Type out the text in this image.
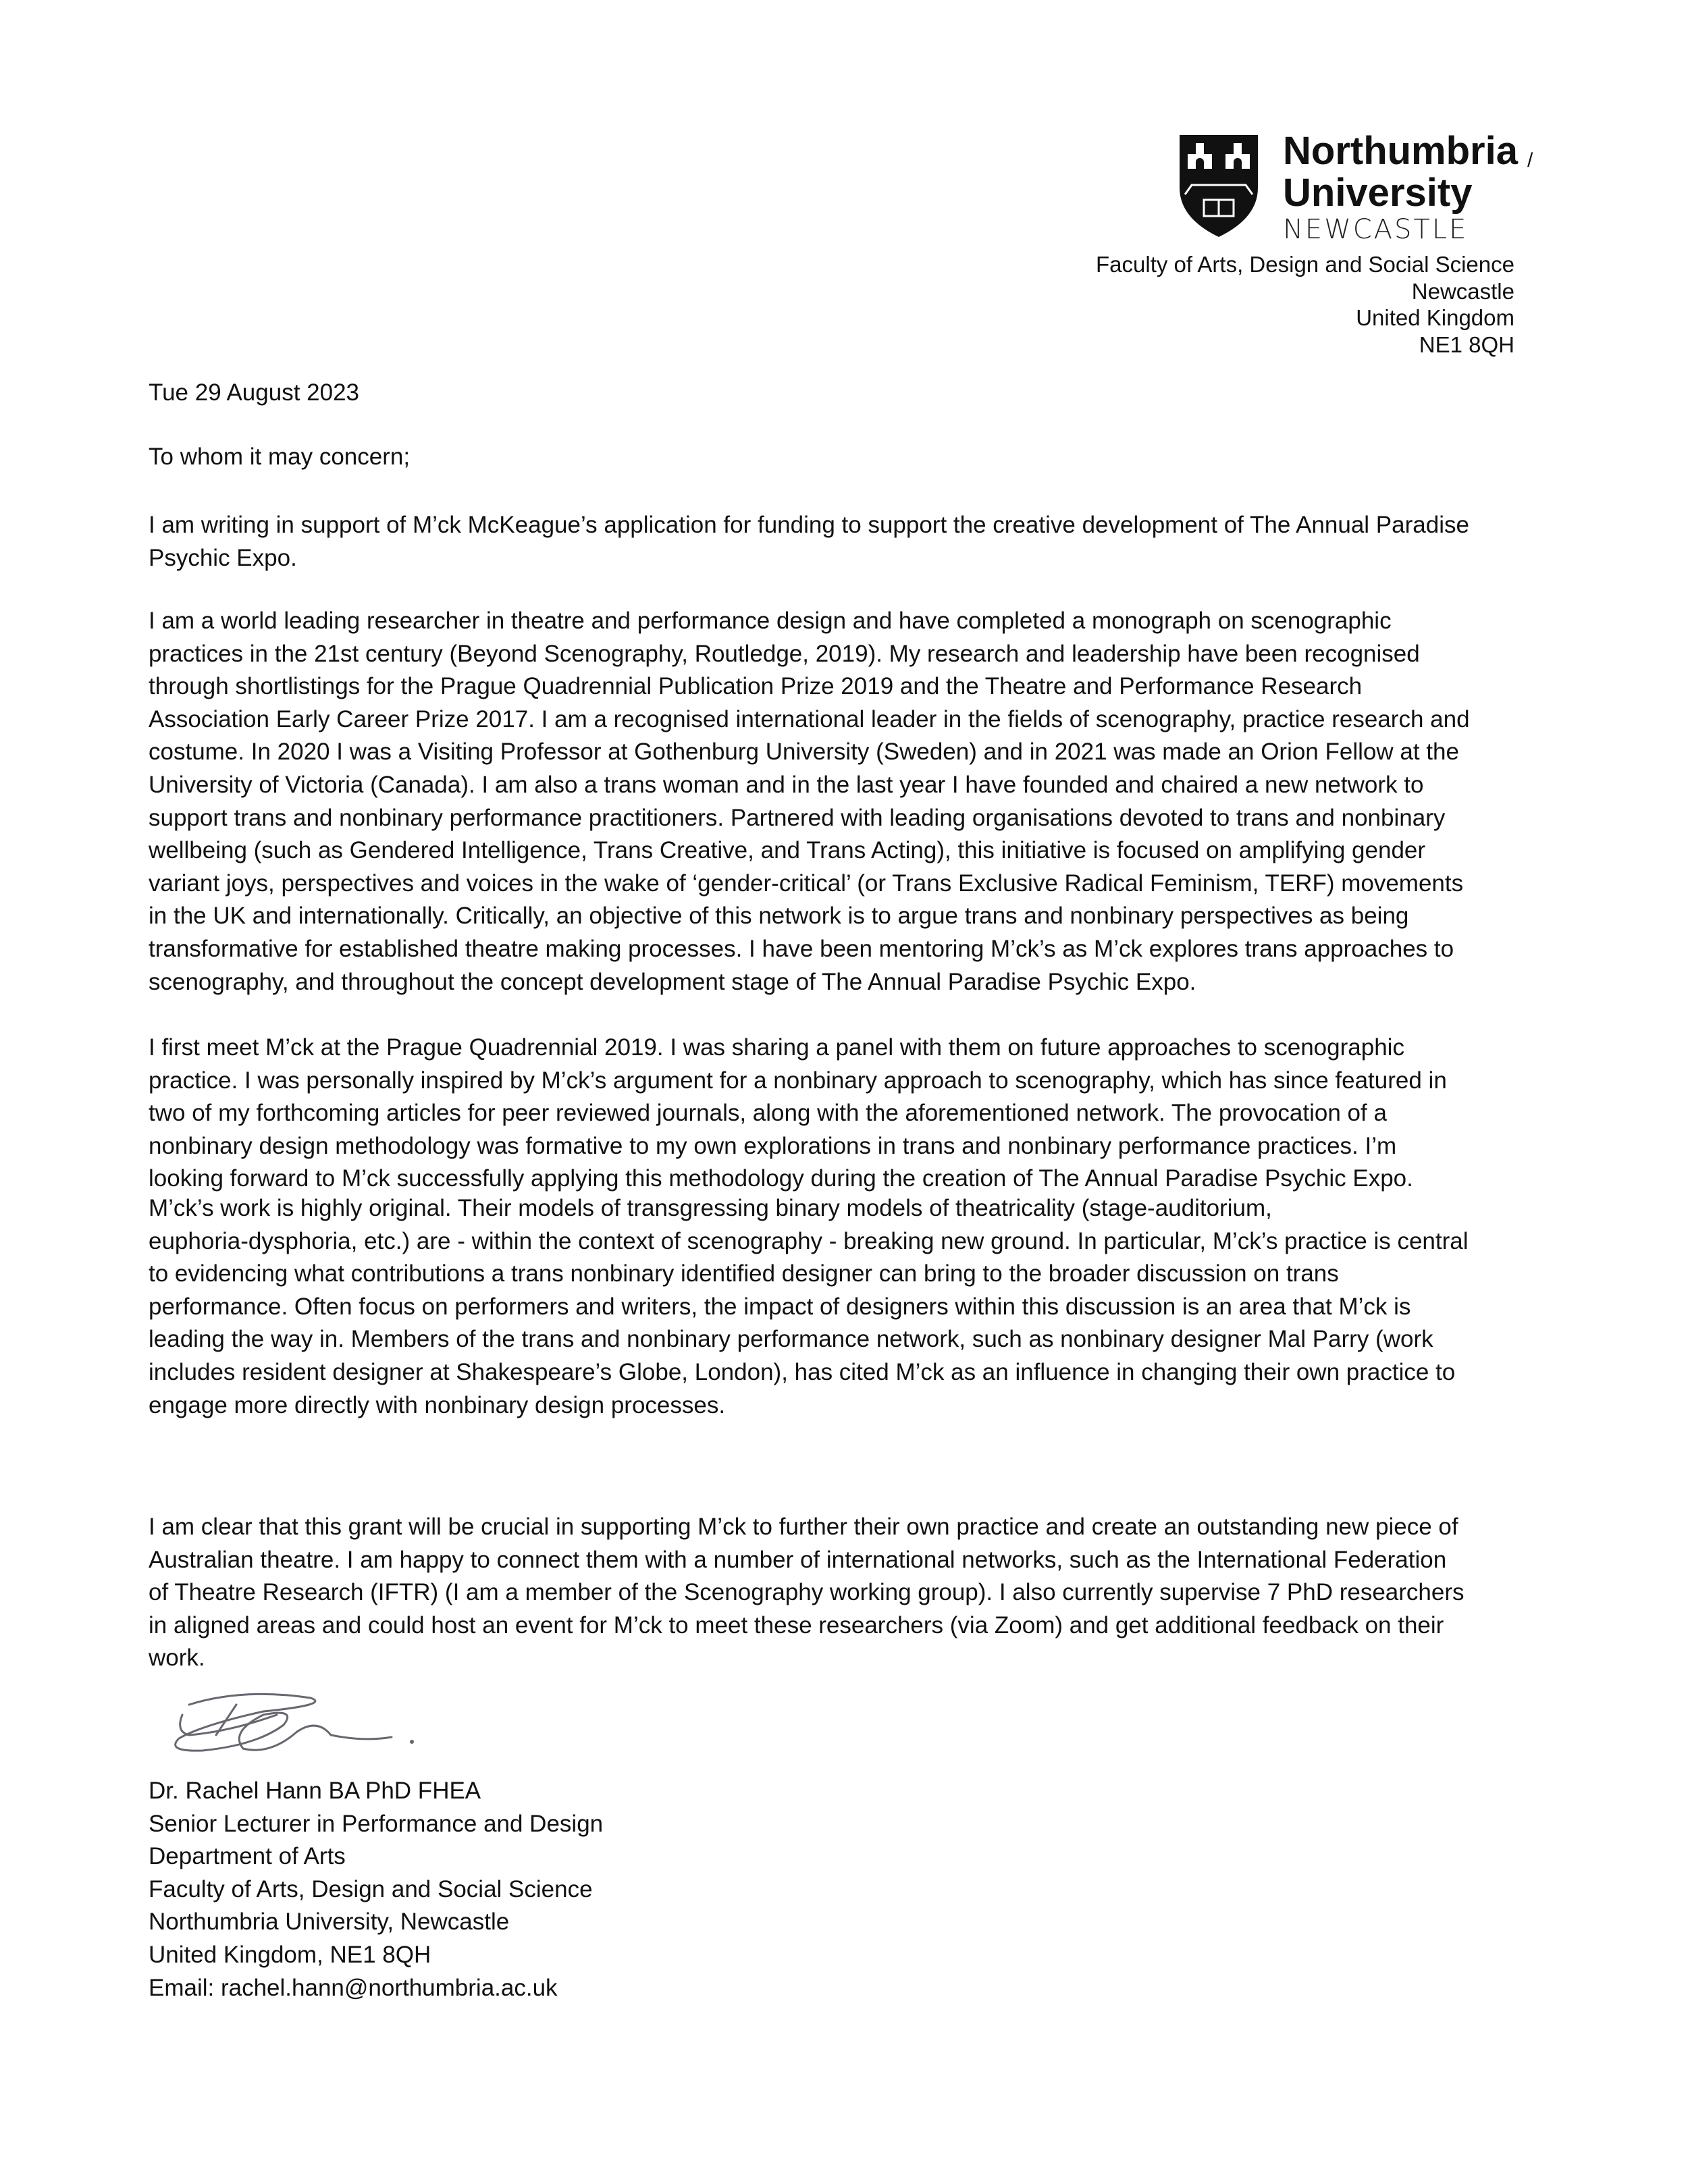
Northumbria
University
NEWCASTLE
/
Faculty of Arts, Design and Social Science
Newcastle
United Kingdom
NE1 8QH
Tue 29 August 2023
To whom it may concern;
I am writing in support of M’ck McKeague’s application for funding to support the creative development of The Annual Paradise
Psychic Expo.
I am a world leading researcher in theatre and performance design and have completed a monograph on scenographic
practices in the 21st century (Beyond Scenography, Routledge, 2019). My research and leadership have been recognised
through shortlistings for the Prague Quadrennial Publication Prize 2019 and the Theatre and Performance Research
Association Early Career Prize 2017. I am a recognised international leader in the fields of scenography, practice research and
costume. In 2020 I was a Visiting Professor at Gothenburg University (Sweden) and in 2021 was made an Orion Fellow at the
University of Victoria (Canada). I am also a trans woman and in the last year I have founded and chaired a new network to
support trans and nonbinary performance practitioners. Partnered with leading organisations devoted to trans and nonbinary
wellbeing (such as Gendered Intelligence, Trans Creative, and Trans Acting), this initiative is focused on amplifying gender
variant joys, perspectives and voices in the wake of ‘gender-critical’ (or Trans Exclusive Radical Feminism, TERF) movements
in the UK and internationally. Critically, an objective of this network is to argue trans and nonbinary perspectives as being
transformative for established theatre making processes. I have been mentoring M’ck’s as M’ck explores trans approaches to
scenography, and throughout the concept development stage of The Annual Paradise Psychic Expo.
I first meet M’ck at the Prague Quadrennial 2019. I was sharing a panel with them on future approaches to scenographic
practice. I was personally inspired by M’ck’s argument for a nonbinary approach to scenography, which has since featured in
two of my forthcoming articles for peer reviewed journals, along with the aforementioned network. The provocation of a
nonbinary design methodology was formative to my own explorations in trans and nonbinary performance practices. I’m
looking forward to M’ck successfully applying this methodology during the creation of The Annual Paradise Psychic Expo.
M’ck’s work is highly original. Their models of transgressing binary models of theatricality (stage-auditorium,
euphoria-dysphoria, etc.) are - within the context of scenography - breaking new ground. In particular, M’ck’s practice is central
to evidencing what contributions a trans nonbinary identified designer can bring to the broader discussion on trans
performance. Often focus on performers and writers, the impact of designers within this discussion is an area that M’ck is
leading the way in. Members of the trans and nonbinary performance network, such as nonbinary designer Mal Parry (work
includes resident designer at Shakespeare’s Globe, London), has cited M’ck as an influence in changing their own practice to
engage more directly with nonbinary design processes.
I am clear that this grant will be crucial in supporting M’ck to further their own practice and create an outstanding new piece of
Australian theatre. I am happy to connect them with a number of international networks, such as the International Federation
of Theatre Research (IFTR) (I am a member of the Scenography working group). I also currently supervise 7 PhD researchers
in aligned areas and could host an event for M’ck to meet these researchers (via Zoom) and get additional feedback on their
work.
Dr. Rachel Hann BA PhD FHEA
Senior Lecturer in Performance and Design
Department of Arts
Faculty of Arts, Design and Social Science
Northumbria University, Newcastle
United Kingdom, NE1 8QH
Email: rachel.hann@northumbria.ac.uk
